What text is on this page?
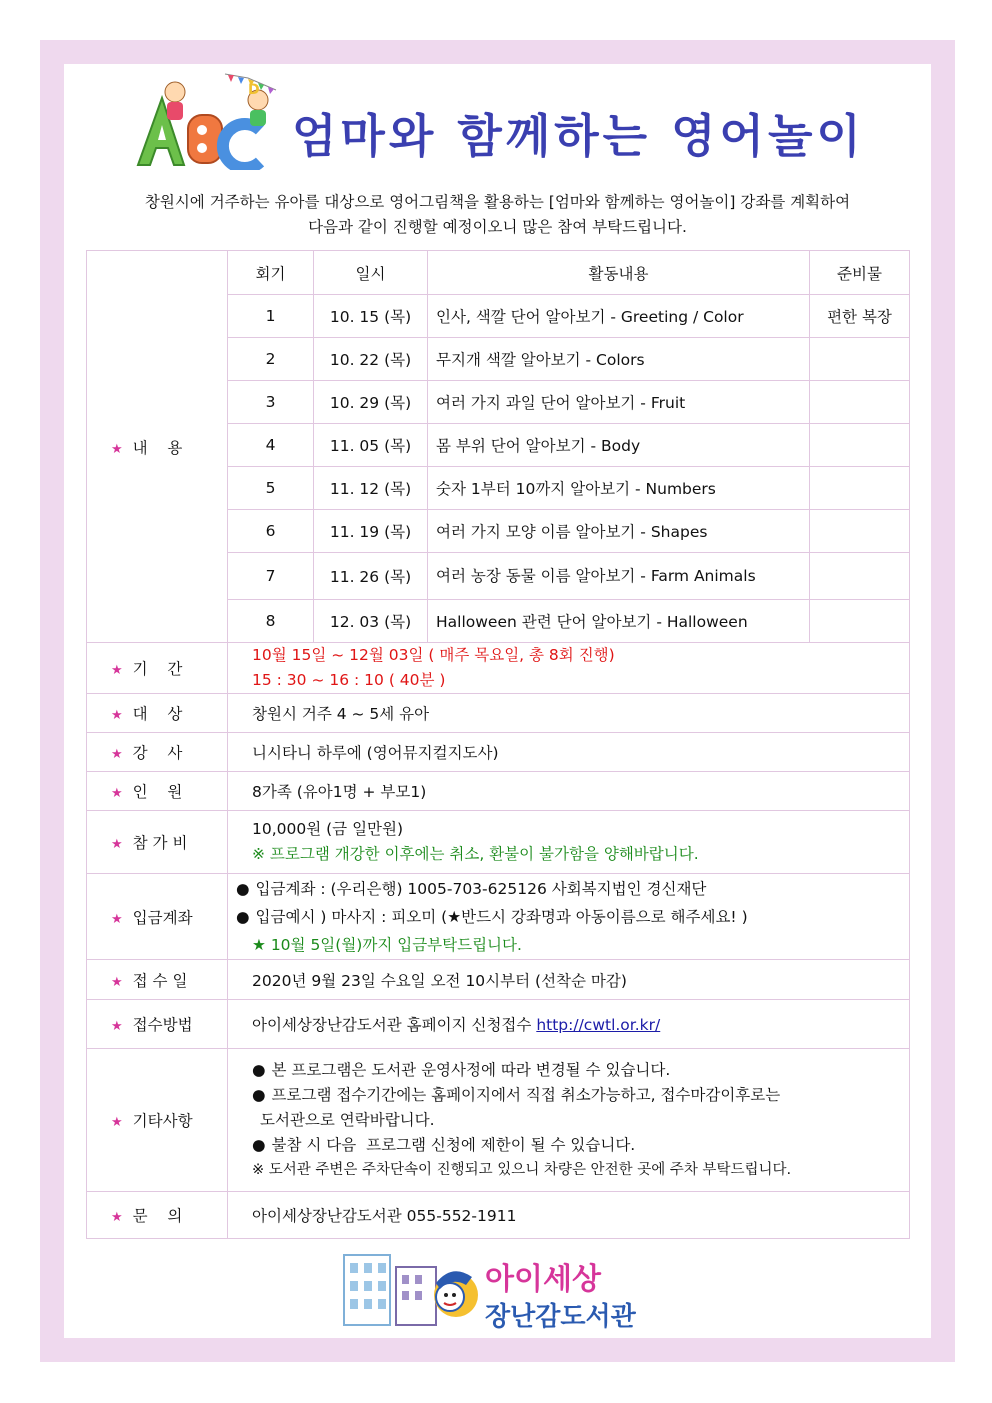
D
엄마와 함께하는 영어놀이
창원시에 거주하는 유아를 대상으로 영어그림책을 활용하는 [엄마와 함께하는 영어놀이] 강좌를 계획하여
다음과 같이 진행할 예정이오니 많은 참여 부탁드립니다.
★ 내    용	회기	일시	활동내용	준비물
	1	10. 15 (목)	인사, 색깔 단어 알아보기 - Greeting / Color	편한 복장
	2	10. 22 (목)	무지개 색깔 알아보기 - Colors	
	3	10. 29 (목)	여러 가지 과일 단어 알아보기 - Fruit	
	4	11. 05 (목)	몸 부위 단어 알아보기 - Body	
	5	11. 12 (목)	숫자 1부터 10까지 알아보기 - Numbers	
	6	11. 19 (목)	여러 가지 모양 이름 알아보기 - Shapes	
	7	11. 26 (목)	여러 농장 동물 이름 알아보기 - Farm Animals	
	8	12. 03 (목)	Halloween 관련 단어 알아보기 - Halloween	
★ 기    간	10월 15일 ~ 12월 03일 ( 매주 목요일, 총 8회 진행)
15 : 30 ~ 16 : 10 ( 40분 )			

★ 대    상	창원시 거주 4 ~ 5세 유아			
★ 강    사	니시타니 하루에 (영어뮤지컬지도사)			
★ 인    원	8가족 (유아1명 + 부모1)			
★ 참 가 비	10,000원 (금 일만원)
※ 프로그램 개강한 이후에는 취소, 환불이 불가함을 양해바랍니다.			

★ 입금계좌	● 입금계좌 : (우리은행) 1005-703-625126 사회복지법인 경신재단
● 입금예시 ) 마사지 : 피오미 (★반드시 강좌명과 아동이름으로 해주세요! )
★ 10월 5일(월)까지 입금부탁드립니다.			

★ 접 수 일	2020년 9월 23일 수요일 오전 10시부터 (선착순 마감)			
★ 접수방법	아이세상장난감도서관 홈페이지 신청접수 http://cwtl.or.kr/			
★ 기타사항	● 본 프로그램은 도서관 운영사정에 따라 변경될 수 있습니다.
● 프로그램 접수기간에는 홈페이지에서 직접 취소가능하고, 접수마감이후로는
도서관으로 연락바랍니다.
● 불참 시 다음  프로그램 신청에 제한이 될 수 있습니다.
※ 도서관 주변은 주차단속이 진행되고 있으니 차량은 안전한 곳에 주차 부탁드립니다.			

★ 문    의	아이세상장난감도서관 055-552-1911			
아이세상
장난감도서관
